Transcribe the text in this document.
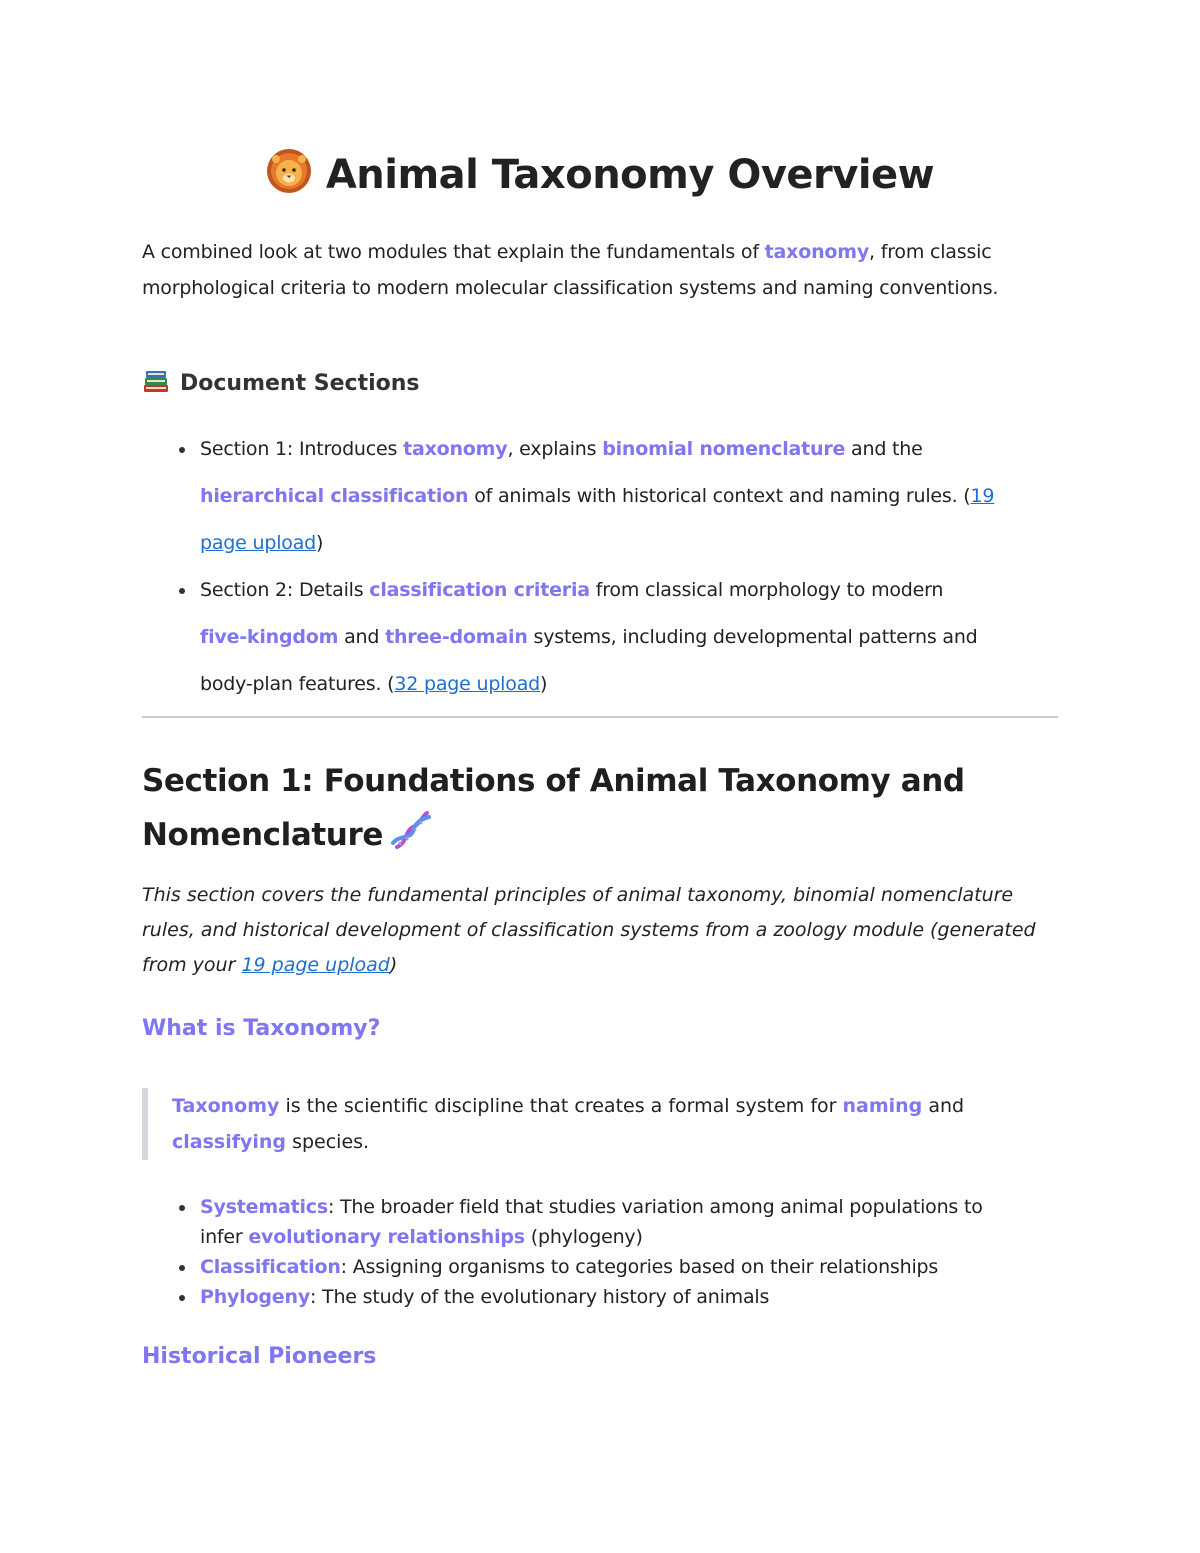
Animal Taxonomy Overview

A combined look at two modules that explain the fundamentals of taxonomy, from classic morphological criteria to modern molecular classification systems and naming conventions.

Document Sections
Section 1: Introduces taxonomy, explains binomial nomenclature and the
hierarchical classification of animals with historical context and naming rules. (19 page upload)
Section 2: Details classification criteria from classical morphology to modern
five-kingdom and three-domain systems, including developmental patterns and body-plan features. (32 page upload)
Section 1: Foundations of Animal Taxonomy and Nomenclature

This section covers the fundamental principles of animal taxonomy, binomial nomenclature rules, and historical development of classification systems from a zoology module (generated from your 19 page upload)

What is Taxonomy?
Taxonomy is the scientific discipline that creates a formal system for naming and
classifying species.
Systematics: The broader field that studies variation among animal populations to infer evolutionary relationships (phylogeny)
Classification: Assigning organisms to categories based on their relationships
Phylogeny: The study of the evolutionary history of animals
Historical Pioneers
